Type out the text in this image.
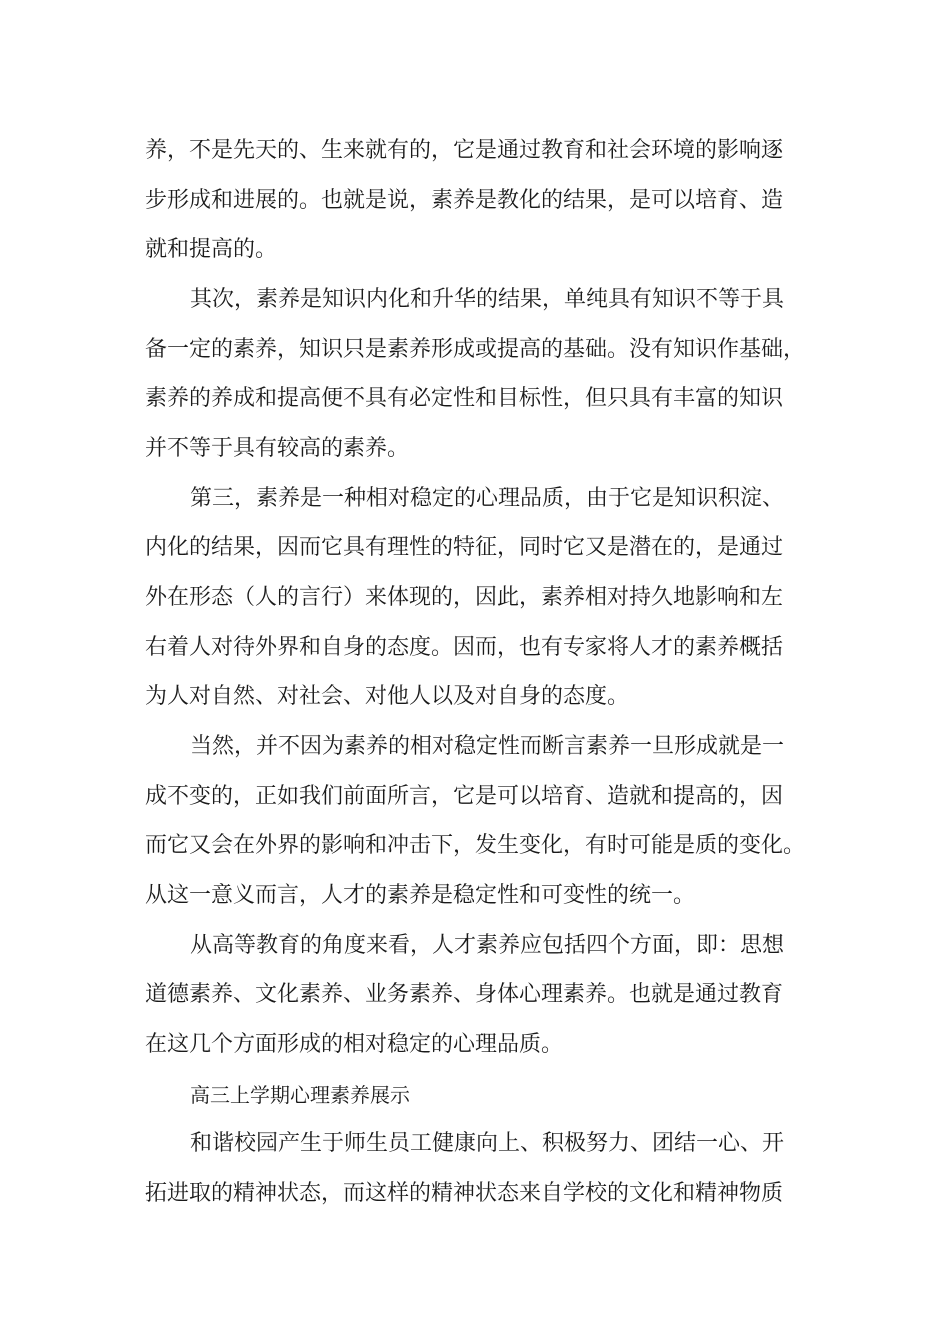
养，不是先天的、生来就有的，它是通过教育和社会环境的影响逐

步形成和进展的。也就是说，素养是教化的结果，是可以培育、造

就和提高的。

其次，素养是知识内化和升华的结果，单纯具有知识不等于具

备一定的素养，知识只是素养形成或提高的基础。没有知识作基础，

素养的养成和提高便不具有必定性和目标性，但只具有丰富的知识

并不等于具有较高的素养。

第三，素养是一种相对稳定的心理品质，由于它是知识积淀、

内化的结果，因而它具有理性的特征，同时它又是潜在的，是通过

外在形态（人的言行）来体现的，因此，素养相对持久地影响和左

右着人对待外界和自身的态度。因而，也有专家将人才的素养概括

为人对自然、对社会、对他人以及对自身的态度。

当然，并不因为素养的相对稳定性而断言素养一旦形成就是一

成不变的，正如我们前面所言，它是可以培育、造就和提高的，因

而它又会在外界的影响和冲击下，发生变化，有时可能是质的变化。

从这一意义而言，人才的素养是稳定性和可变性的统一。

从高等教育的角度来看，人才素养应包括四个方面，即：思想

道德素养、文化素养、业务素养、身体心理素养。也就是通过教育

在这几个方面形成的相对稳定的心理品质。

高三上学期心理素养展示

和谐校园产生于师生员工健康向上、积极努力、团结一心、开

拓进取的精神状态，而这样的精神状态来自学校的文化和精神物质
